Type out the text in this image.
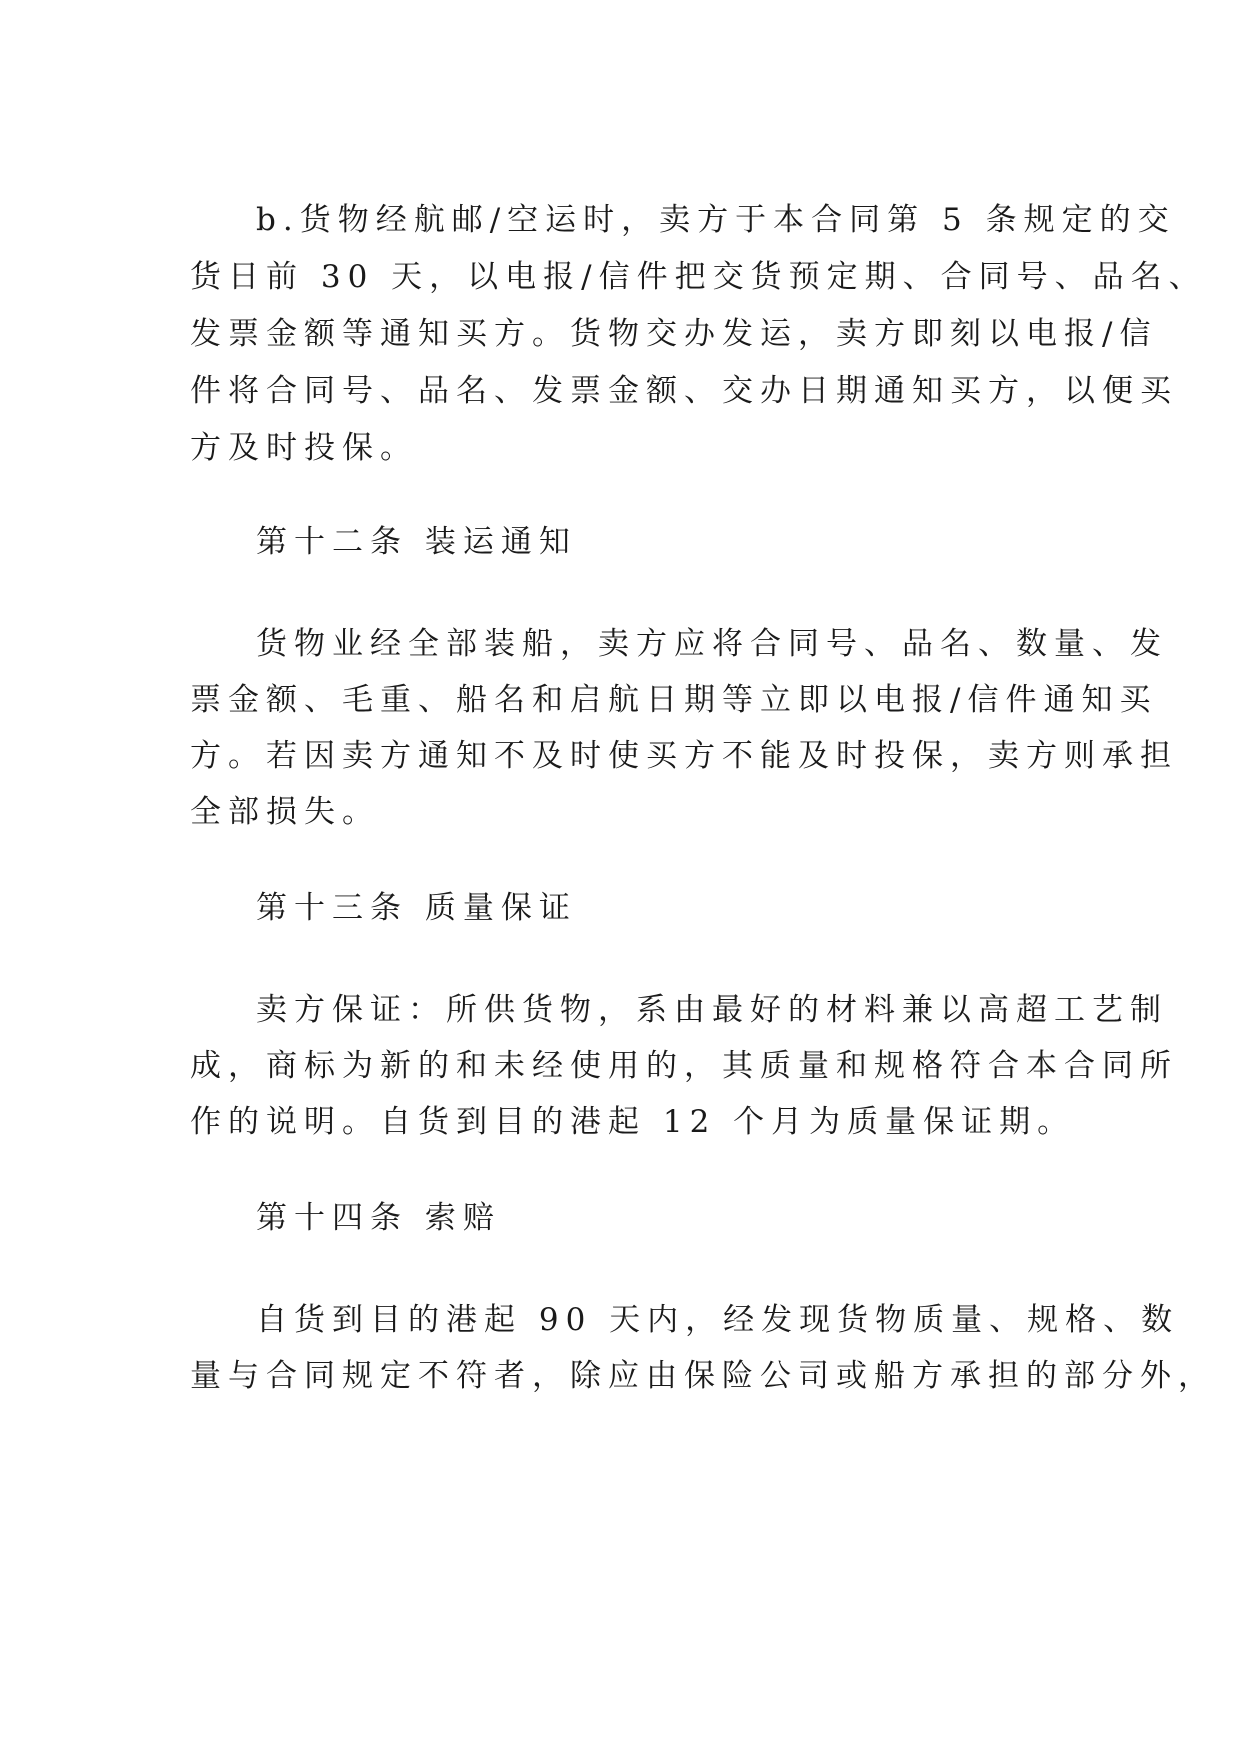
b.货物经航邮/空运时，卖方于本合同第 5 条规定的交
货日前 30 天，以电报/信件把交货预定期、合同号、品名、
发票金额等通知买方。货物交办发运，卖方即刻以电报/信
件将合同号、品名、发票金额、交办日期通知买方，以便买
方及时投保。
第十二条 装运通知
货物业经全部装船，卖方应将合同号、品名、数量、发
票金额、毛重、船名和启航日期等立即以电报/信件通知买
方。若因卖方通知不及时使买方不能及时投保，卖方则承担
全部损失。
第十三条 质量保证
卖方保证：所供货物，系由最好的材料兼以高超工艺制
成，商标为新的和未经使用的，其质量和规格符合本合同所
作的说明。自货到目的港起 12 个月为质量保证期。
第十四条 索赔
自货到目的港起 90 天内，经发现货物质量、规格、数
量与合同规定不符者，除应由保险公司或船方承担的部分外，
